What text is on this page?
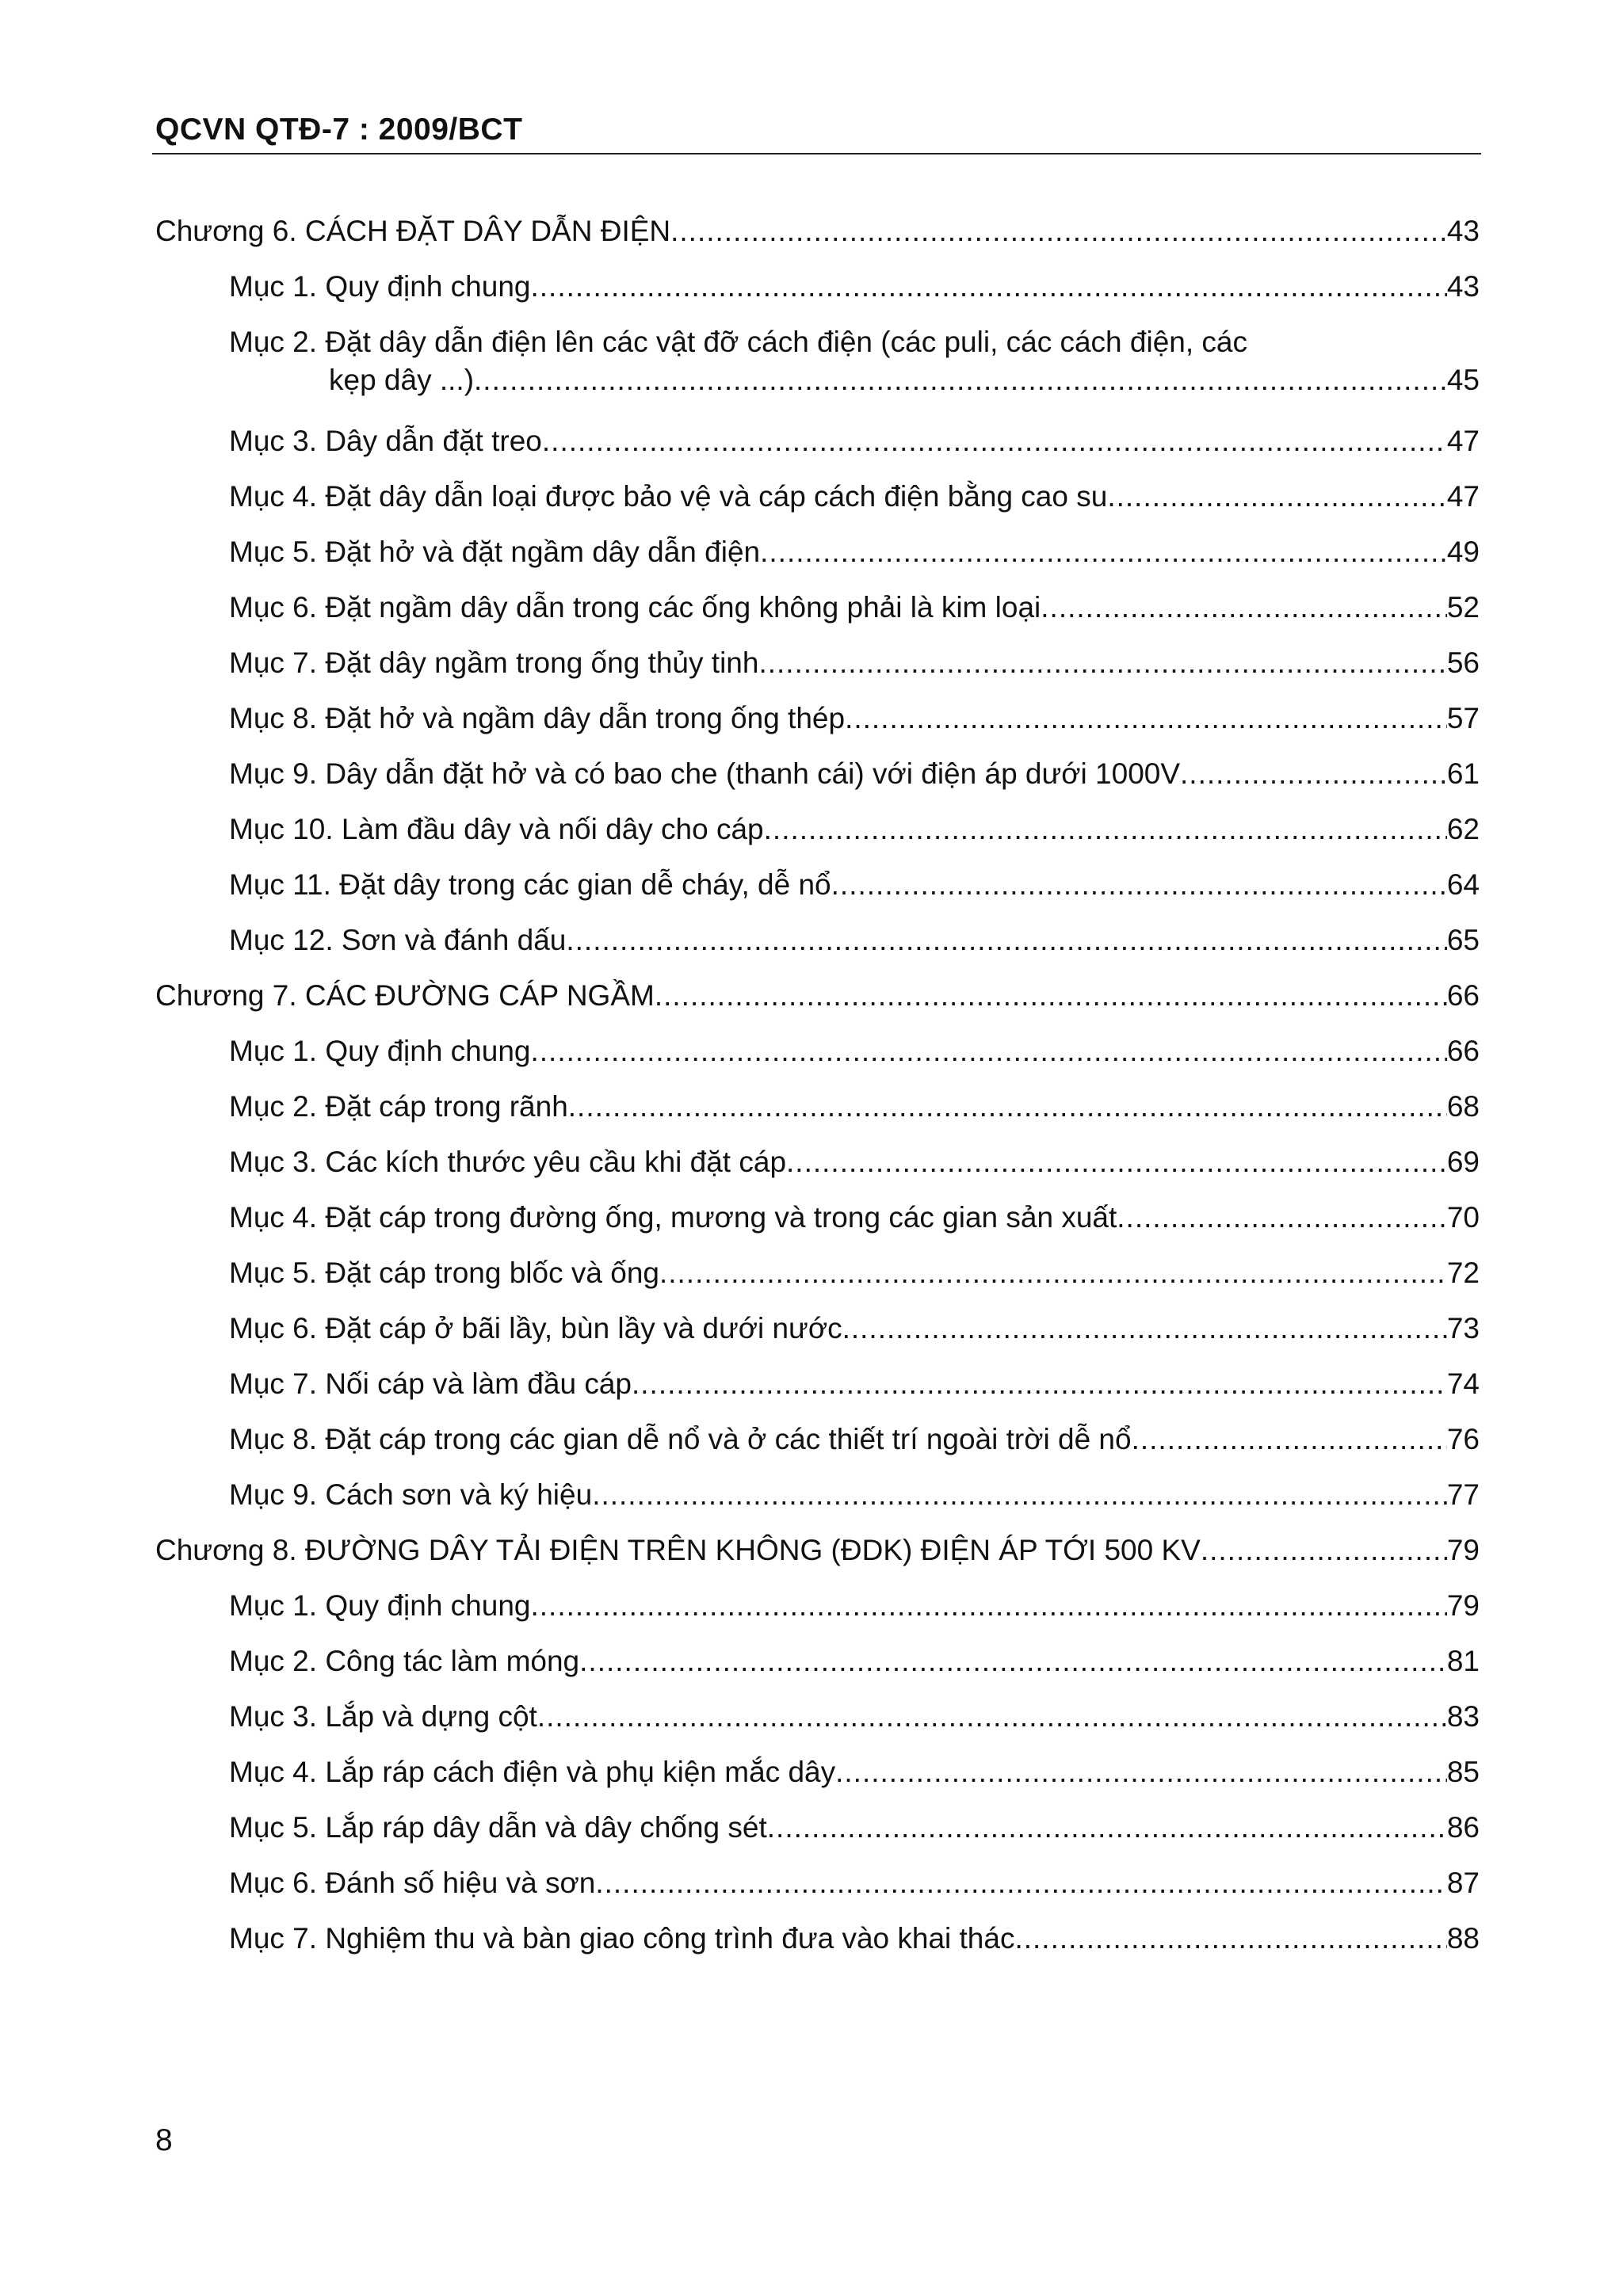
QCVN QTĐ-7 : 2009/BCT
Chương 6. CÁCH ĐẶT DÂY DẪN ĐIỆN .....	43
Mục 1. Quy định chung .....	43
Mục 2. Đặt dây dẫn điện lên các vật đỡ cách điện (các puli, các cách điện, các
kẹp dây ...) .....	45
Mục 3. Dây dẫn đặt treo .....	47
Mục 4. Đặt dây dẫn loại được bảo vệ và cáp cách điện bằng cao su .....	47
Mục 5. Đặt hở và đặt ngầm dây dẫn điện .....	49
Mục 6. Đặt ngầm dây dẫn trong các ống không phải là kim loại .....	52
Mục 7. Đặt dây ngầm trong ống thủy tinh .....	56
Mục 8. Đặt hở và ngầm dây dẫn trong ống thép .....	57
Mục 9. Dây dẫn đặt hở và có bao che (thanh cái) với điện áp dưới 1000V .....	61
Mục 10. Làm đầu dây và nối dây cho cáp .....	62
Mục 11. Đặt dây trong các gian dễ cháy, dễ nổ .....	64
Mục 12. Sơn và đánh dấu .....	65
Chương 7. CÁC ĐƯỜNG CÁP NGẦM .....	66
Mục 1. Quy định chung .....	66
Mục 2. Đặt cáp trong rãnh .....	68
Mục 3. Các kích thước yêu cầu khi đặt cáp .....	69
Mục 4. Đặt cáp trong đường ống, mương và trong các gian sản xuất .....	70
Mục 5. Đặt cáp trong blốc và ống .....	72
Mục 6. Đặt cáp ở bãi lầy, bùn lầy và dưới nước .....	73
Mục 7. Nối cáp và làm đầu cáp .....	74
Mục 8. Đặt cáp trong các gian dễ nổ và ở các thiết trí ngoài trời dễ nổ .....	76
Mục 9. Cách sơn và ký hiệu .....	77
Chương 8. ĐƯỜNG DÂY TẢI ĐIỆN TRÊN KHÔNG (ĐDK) ĐIỆN ÁP TỚI 500 KV .....	79
Mục 1. Quy định chung .....	79
Mục 2. Công tác làm móng .....	81
Mục 3. Lắp và dựng cột .....	83
Mục 4. Lắp ráp cách điện và phụ kiện mắc dây .....	85
Mục 5. Lắp ráp dây dẫn và dây chống sét .....	86
Mục 6. Đánh số hiệu và sơn .....	87
Mục 7. Nghiệm thu và bàn giao công trình đưa vào khai thác .....	88
8
